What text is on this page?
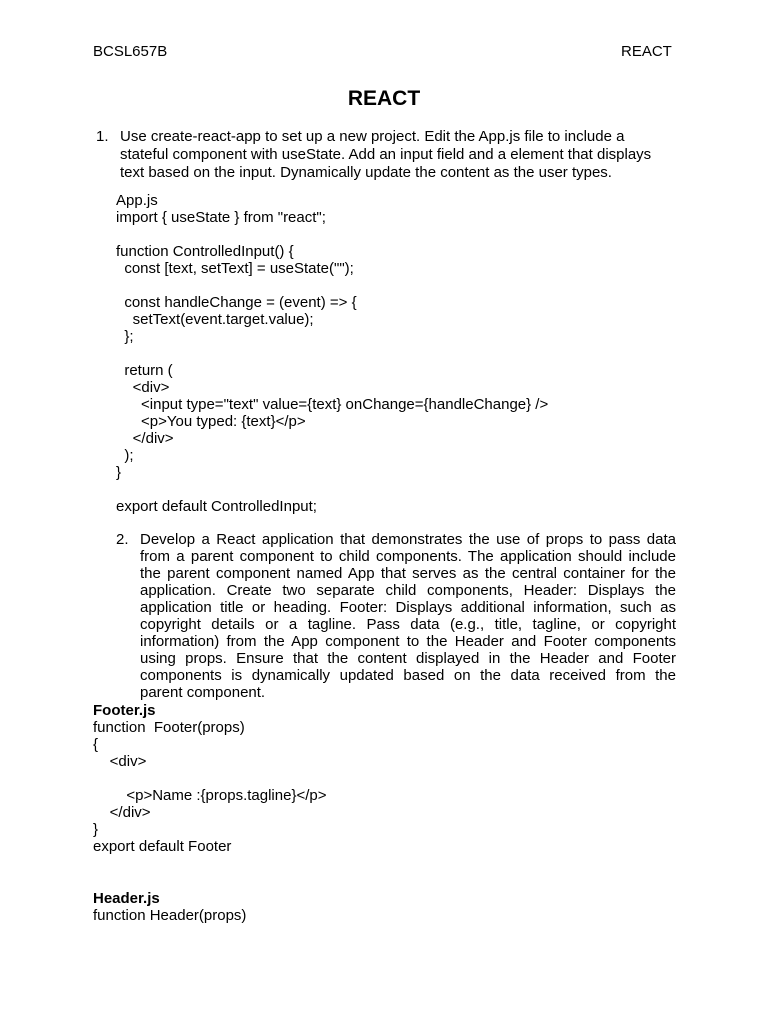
BCSL657B	REACT
REACT
1. Use create-react-app to set up a new project. Edit the App.js file to include a
stateful component with useState. Add an input field and a element that displays
text based on the input. Dynamically update the content as the user types.
App.js
import { useState } from "react";
function ControlledInput() {
const [text, setText] = useState("");
const handleChange = (event) => {
setText(event.target.value);
};
return (
<div>
<input type="text" value={text} onChange={handleChange} />
<p>You typed: {text}</p>
</div>
);
}
export default ControlledInput;
2. Develop a React application that demonstrates the use of props to pass data
from a parent component to child components. The application should include
the parent component named App that serves as the central container for the
application. Create two separate child components, Header: Displays the
application title or heading. Footer: Displays additional information, such as
copyright details or a tagline. Pass data (e.g., title, tagline, or copyright
information) from the App component to the Header and Footer components
using props. Ensure that the content displayed in the Header and Footer
components is dynamically updated based on the data received from the
parent component.
Footer.js
function  Footer(props)
{
<div>
<p>Name :{props.tagline}</p>
</div>
}
export default Footer
Header.js
function Header(props)
